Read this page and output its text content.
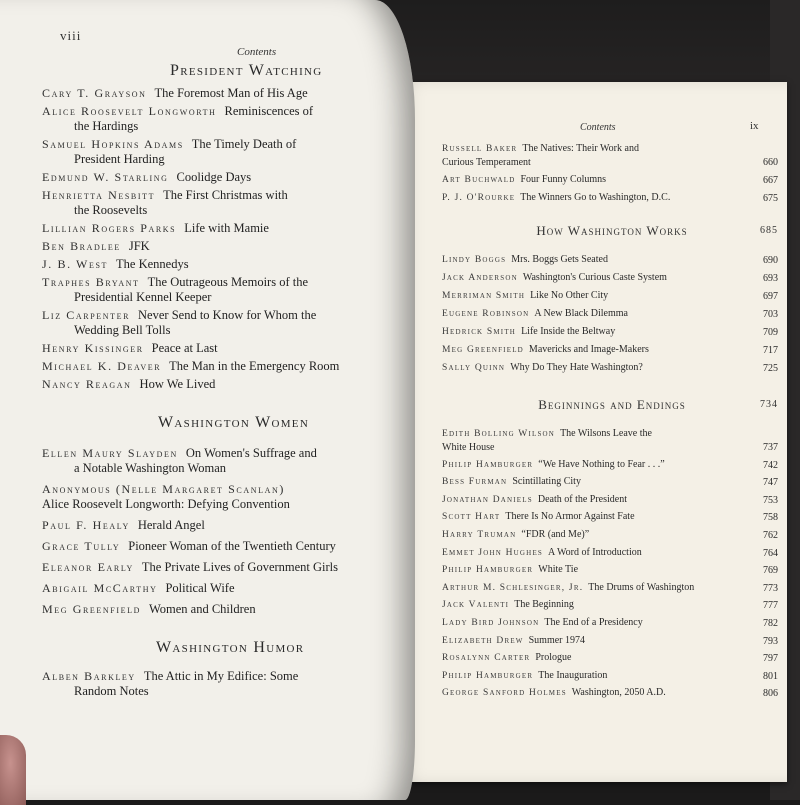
Contents	ix
Russell Baker The Natives: Their Work and
Curious Temperament	660
Art Buchwald Four Funny Columns	667
P. J. O'Rourke The Winners Go to Washington, D.C.	675
How Washington Works	685
Lindy Boggs Mrs. Boggs Gets Seated	690
Jack Anderson Washington's Curious Caste System	693
Merriman Smith Like No Other City	697
Eugene Robinson A New Black Dilemma	703
Hedrick Smith Life Inside the Beltway	709
Meg Greenfield Mavericks and Image-Makers	717
Sally Quinn Why Do They Hate Washington?	725
Beginnings and Endings	734
Edith Bolling Wilson The Wilsons Leave the
White House	737
Philip Hamburger “We Have Nothing to Fear . . .”	742
Bess Furman Scintillating City	747
Jonathan Daniels Death of the President	753
Scott Hart There Is No Armor Against Fate	758
Harry Truman “FDR (and Me)”	762
Emmet John Hughes A Word of Introduction	764
Philip Hamburger White Tie	769
Arthur M. Schlesinger, Jr. The Drums of Washington	773
Jack Valenti The Beginning	777
Lady Bird Johnson The End of a Presidency	782
Elizabeth Drew Summer 1974	793
Rosalynn Carter Prologue	797
Philip Hamburger The Inauguration	801
George Sanford Holmes Washington, 2050 A.D.	806
viii
Contents
President Watching
Cary T. Grayson The Foremost Man of His Age
Alice Roosevelt Longworth Reminiscences of
the Hardings
Samuel Hopkins Adams The Timely Death of
President Harding
Edmund W. Starling Coolidge Days
Henrietta Nesbitt The First Christmas with
the Roosevelts
Lillian Rogers Parks Life with Mamie
Ben Bradlee JFK
J. B. West The Kennedys
Traphes Bryant The Outrageous Memoirs of the
Presidential Kennel Keeper
Liz Carpenter Never Send to Know for Whom the
Wedding Bell Tolls
Henry Kissinger Peace at Last
Michael K. Deaver The Man in the Emergency Room
Nancy Reagan How We Lived
Washington Women
Ellen Maury Slayden On Women's Suffrage and
a Notable Washington Woman
Anonymous (Nelle Margaret Scanlan)
Alice Roosevelt Longworth: Defying Convention
Paul F. Healy Herald Angel
Grace Tully Pioneer Woman of the Twentieth Century
Eleanor Early The Private Lives of Government Girls
Abigail McCarthy Political Wife
Meg Greenfield Women and Children
Washington Humor
Alben Barkley The Attic in My Edifice: Some
Random Notes
